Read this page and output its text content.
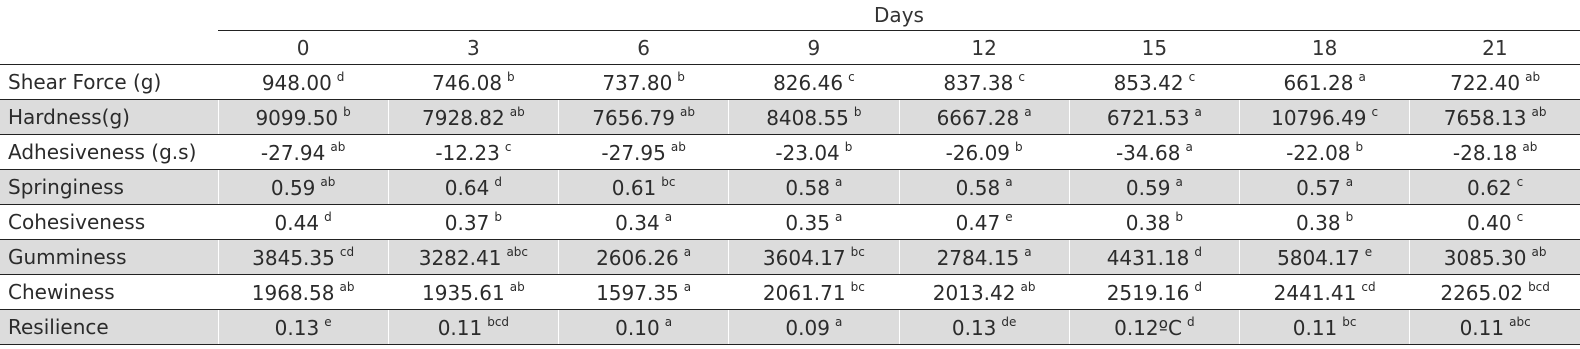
	Days							
	0	3	6	9	12	15	18	21
Shear Force (g)	948.00 $^d$	746.08 $^b$	737.80 $^b$	826.46 $^c$	837.38 $^c$	853.42 $^c$	661.28 $^a$	722.40 $^{ab}$
Hardness(g)	9099.50 $^b$	7928.82 $^{ab}$	7656.79 $^{ab}$	8408.55 $^b$	6667.28 $^a$	6721.53 $^a$	10796.49 $^c$	7658.13 $^{ab}$
Adhesiveness (g.s)	-27.94 $^{ab}$	-12.23 $^c$	-27.95 $^{ab}$	-23.04 $^b$	-26.09 $^b$	-34.68 $^a$	-22.08 $^b$	-28.18 $^{ab}$
Springiness	0.59 $^{ab}$	0.64 $^d$	0.61 $^{bc}$	0.58 $^a$	0.58 $^a$	0.59 $^a$	0.57 $^a$	0.62 $^c$
Cohesiveness	0.44 $^d$	0.37 $^b$	0.34 $^a$	0.35 $^a$	0.47 $^e$	0.38 $^b$	0.38 $^b$	0.40 $^c$
Gumminess	3845.35 $^{cd}$	3282.41 $^{abc}$	2606.26 $^a$	3604.17 $^{bc}$	2784.15 $^a$	4431.18 $^d$	5804.17 $^e$	3085.30 $^{ab}$
Chewiness	1968.58 $^{ab}$	1935.61 $^{ab}$	1597.35 $^a$	2061.71 $^{bc}$	2013.42 $^{ab}$	2519.16 $^d$	2441.41 $^{cd}$	2265.02 $^{bcd}$
Resilience	0.13 $^e$	0.11 $^{bcd}$	0.10 $^a$	0.09 $^a$	0.13 $^{de}$	0.12ºC $^d$	0.11 $^{bc}$	0.11 $^{abc}$
